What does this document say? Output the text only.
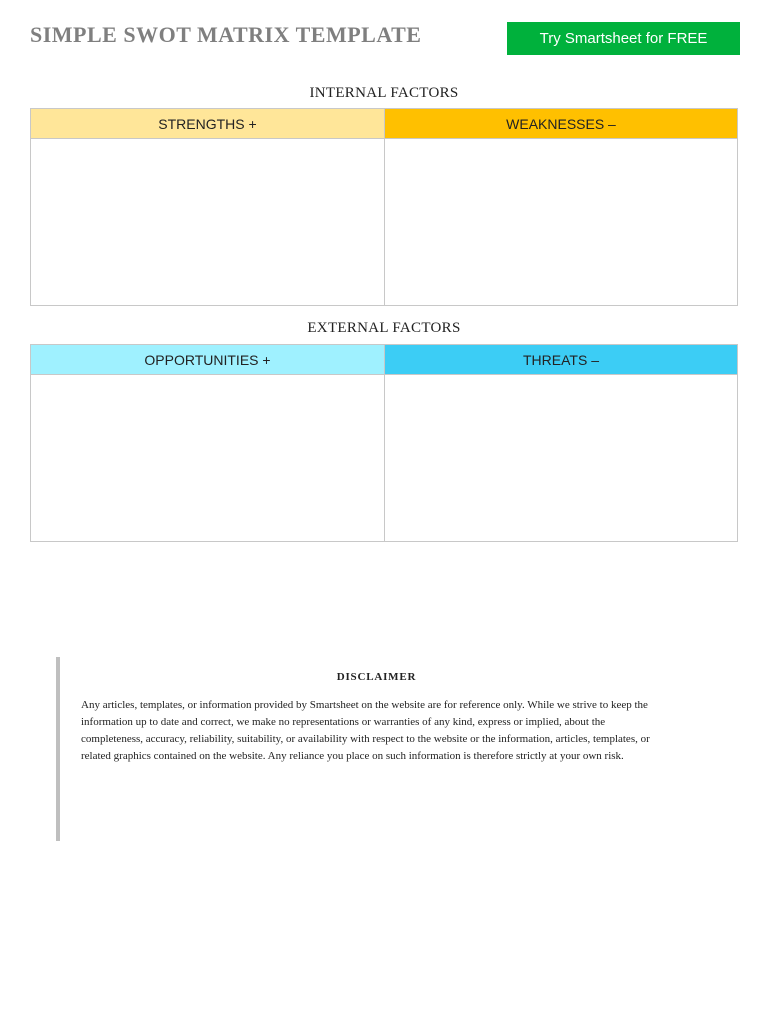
SIMPLE SWOT MATRIX TEMPLATE	Try Smartsheet for FREE
INTERNAL FACTORS
STRENGTHS +	WEAKNESSES –
EXTERNAL FACTORS
OPPORTUNITIES +	THREATS –
DISCLAIMER
Any articles, templates, or information provided by Smartsheet on the website are for reference only. While we strive to keep the information up to date and correct, we make no representations or warranties of any kind, express or implied, about the completeness, accuracy, reliability, suitability, or availability with respect to the website or the information, articles, templates, or related graphics contained on the website. Any reliance you place on such information is therefore strictly at your own risk.
